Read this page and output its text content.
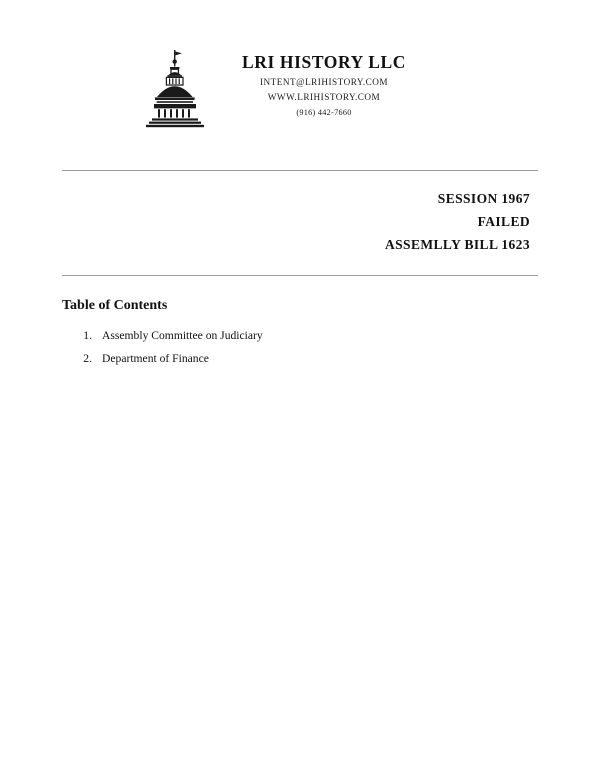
LRI HISTORY LLC
INTENT@LRIHISTORY.COM
WWW.LRIHISTORY.COM
(916) 442-7660
SESSION 1967
FAILED
ASSEMLLY BILL 1623
Table of Contents
1. Assembly Committee on Judiciary
2. Department of Finance
